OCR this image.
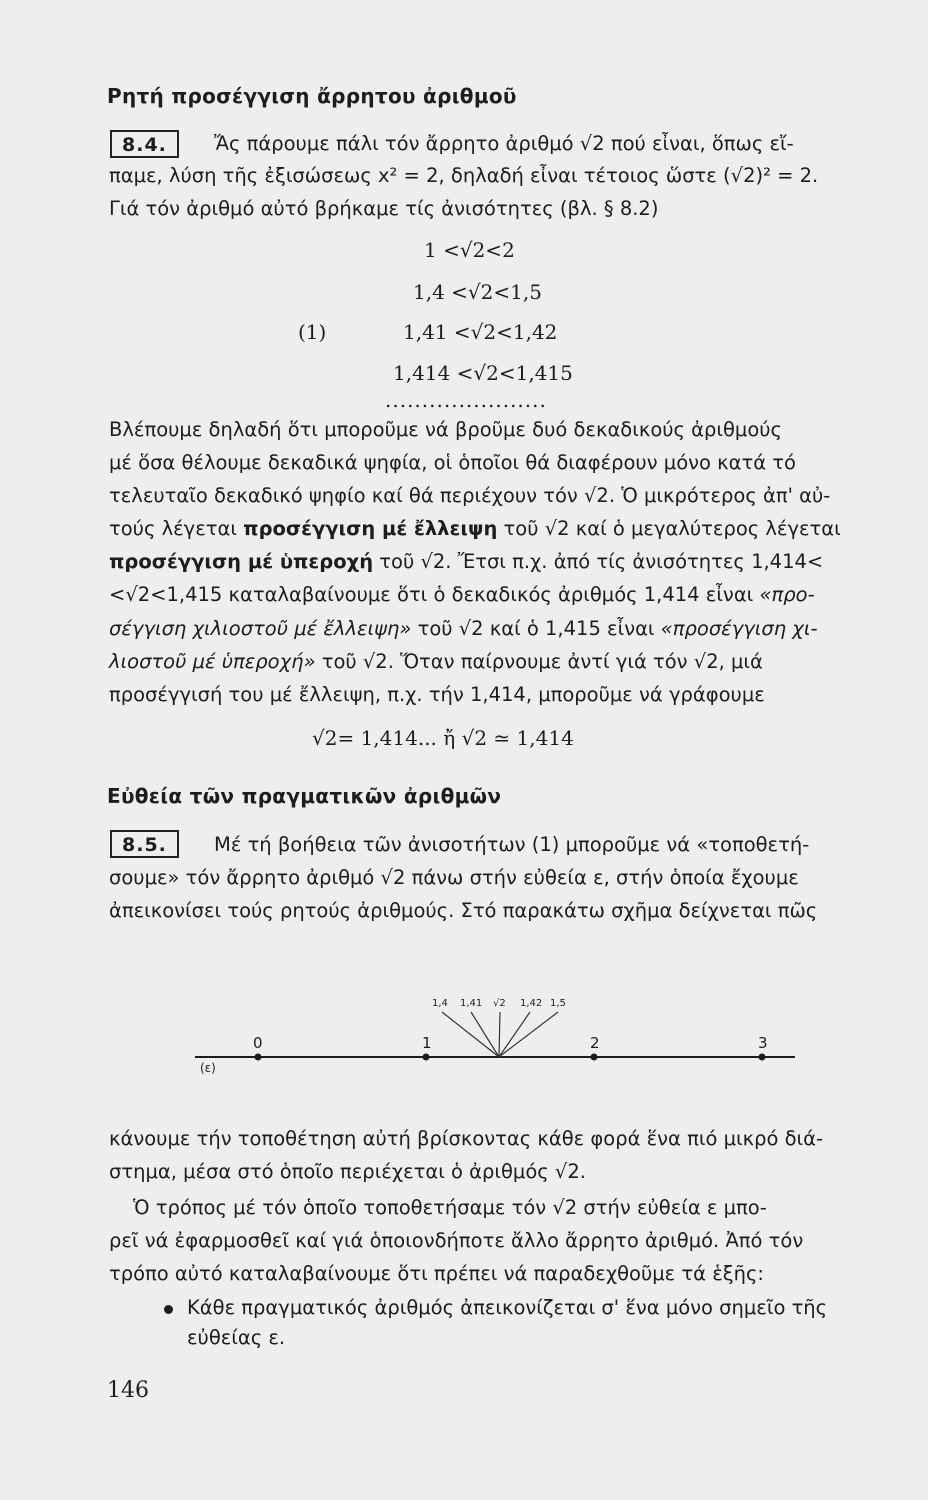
Ρητή προσέγγιση ἄρρητου ἀριθμοῦ
8.4.	Ἄς πάρουμε πάλι τόν ἄρρητο ἀριθμό √2 πού εἶναι, ὅπως εἴ-
παμε, λύση τῆς ἐξισώσεως x² = 2, δηλαδή εἶναι τέτοιος ὥστε (√2)² = 2.
Γιά τόν ἀριθμό αὐτό βρήκαμε τίς ἀνισότητες (βλ. § 8.2)
1 <√2<2
1,4 <√2<1,5
(1)	1,41 <√2<1,42
1,414 <√2<1,415
......................
Βλέπουμε δηλαδή ὅτι μποροῦμε νά βροῦμε δυό δεκαδικούς ἀριθμούς
μέ ὅσα θέλουμε δεκαδικά ψηφία, οἱ ὁποῖοι θά διαφέρουν μόνο κατά τό
τελευταῖο δεκαδικό ψηφίο καί θά περιέχουν τόν √2. Ὁ μικρότερος ἀπ' αὐ-
τούς λέγεται προσέγγιση μέ ἔλλειψη τοῦ √2 καί ὁ μεγαλύτερος λέγεται
προσέγγιση μέ ὑπεροχή τοῦ √2. Ἔτσι π.χ. ἀπό τίς ἀνισότητες 1,414<
<√2<1,415 καταλαβαίνουμε ὅτι ὁ δεκαδικός ἀριθμός 1,414 εἶναι «προ-
σέγγιση χιλιοστοῦ μέ ἔλλειψη» τοῦ √2 καί ὁ 1,415 εἶναι «προσέγγιση χι-
λιοστοῦ μέ ὑπεροχή» τοῦ √2. Ὅταν παίρνουμε ἀντί γιά τόν √2, μιά
προσέγγισή του μέ ἔλλειψη, π.χ. τήν 1,414, μποροῦμε νά γράφουμε
√2= 1,414... ἤ √2 ≃ 1,414
Εὐθεία τῶν πραγματικῶν ἀριθμῶν
8.5.	Μέ τή βοήθεια τῶν ἀνισοτήτων (1) μποροῦμε νά «τοποθετή-
σουμε» τόν ἄρρητο ἀριθμό √2 πάνω στήν εὐθεία ε, στήν ὁποία ἔχουμε
ἀπεικονίσει τούς ρητούς ἀριθμούς. Στό παρακάτω σχῆμα δείχνεται πῶς
(ε)
0	1	2	3
1,4 1,41 √2 1,42 1,5
κάνουμε τήν τοποθέτηση αὐτή βρίσκοντας κάθε φορά ἕνα πιό μικρό διά-
στημα, μέσα στό ὁποῖο περιέχεται ὁ ἀριθμός √2.
Ὁ τρόπος μέ τόν ὁποῖο τοποθετήσαμε τόν √2 στήν εὐθεία ε μπο-
ρεῖ νά ἐφαρμοσθεῖ καί γιά ὁποιονδήποτε ἄλλο ἄρρητο ἀριθμό. Ἀπό τόν
τρόπο αὐτό καταλαβαίνουμε ὅτι πρέπει νά παραδεχθοῦμε τά ἑξῆς:
Κάθε πραγματικός ἀριθμός ἀπεικονίζεται σ' ἕνα μόνο σημεῖο τῆς
εὐθείας ε.
146
